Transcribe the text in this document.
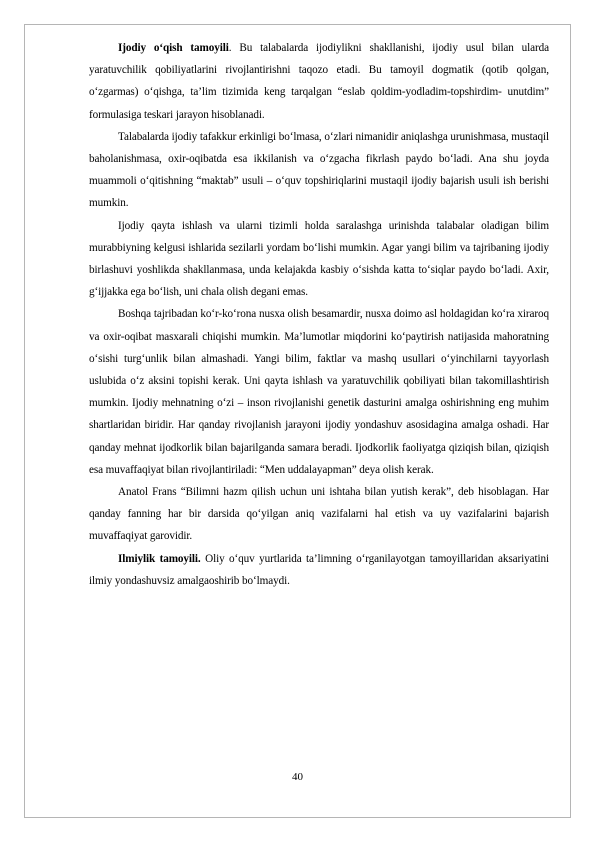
Ijodiy o‘qish tamoyili. Bu talabalarda ijodiylikni shakllanishi, ijodiy usul bilan ularda yaratuvchilik qobiliyatlarini rivojlantirishni taqozo etadi. Bu tamoyil dogmatik (qotib qolgan, o‘zgarmas) o‘qishga, ta’lim tizimida keng tarqalgan “eslab qoldim-yodladim-topshirdim- unutdim” formulasiga teskari jarayon hisoblanadi.

Talabalarda ijodiy tafakkur erkinligi bo‘lmasa, o‘zlari nimanidir aniqlashga urunishmasa, mustaqil baholanishmasa, oxir-oqibatda esa ikkilanish va o‘zgacha fikrlash paydo bo‘ladi. Ana shu joyda muammoli o‘qitishning “maktab” usuli – o‘quv topshiriqlarini mustaqil ijodiy bajarish usuli ish berishi mumkin.

Ijodiy qayta ishlash va ularni tizimli holda saralashga urinishda talabalar oladigan bilim murabbiyning kelgusi ishlarida sezilarli yordam bo‘lishi mumkin. Agar yangi bilim va tajribaning ijodiy birlashuvi yoshlikda shakllanmasa, unda kelajakda kasbiy o‘sishda katta to‘siqlar paydo bo‘ladi. Axir, g‘ijjakka ega bo‘lish, uni chala olish degani emas.

Boshqa tajribadan ko‘r-ko‘rona nusxa olish besamardir, nusxa doimo asl holdagidan ko‘ra xiraroq va oxir-oqibat masxarali chiqishi mumkin. Ma’lumotlar miqdorini ko‘paytirish natijasida mahoratning o‘sishi turg‘unlik bilan almashadi. Yangi bilim, faktlar va mashq usullari o‘yinchilarni tayyorlash uslubida o‘z aksini topishi kerak. Uni qayta ishlash va yaratuvchilik qobiliyati bilan takomillashtirish mumkin. Ijodiy mehnatning o‘zi – inson rivojlanishi genetik dasturini amalga oshirishning eng muhim shartlaridan biridir. Har qanday rivojlanish jarayoni ijodiy yondashuv asosidagina amalga oshadi. Har qanday mehnat ijodkorlik bilan bajarilganda samara beradi. Ijodkorlik faoliyatga qiziqish bilan, qiziqish esa muvaffaqiyat bilan rivojlantiriladi: “Men uddalayapman” deya olish kerak.

Anatol Frans “Bilimni hazm qilish uchun uni ishtaha bilan yutish kerak”, deb hisoblagan. Har qanday fanning har bir darsida qo‘yilgan aniq vazifalarni hal etish va uy vazifalarini bajarish muvaffaqiyat garovidir.

Ilmiylik tamoyili. Oliy o‘quv yurtlarida ta’limning o‘rganilayotgan tamoyillaridan aksariyatini ilmiy yondashuvsiz amalgaoshirib bo‘lmaydi.

40
